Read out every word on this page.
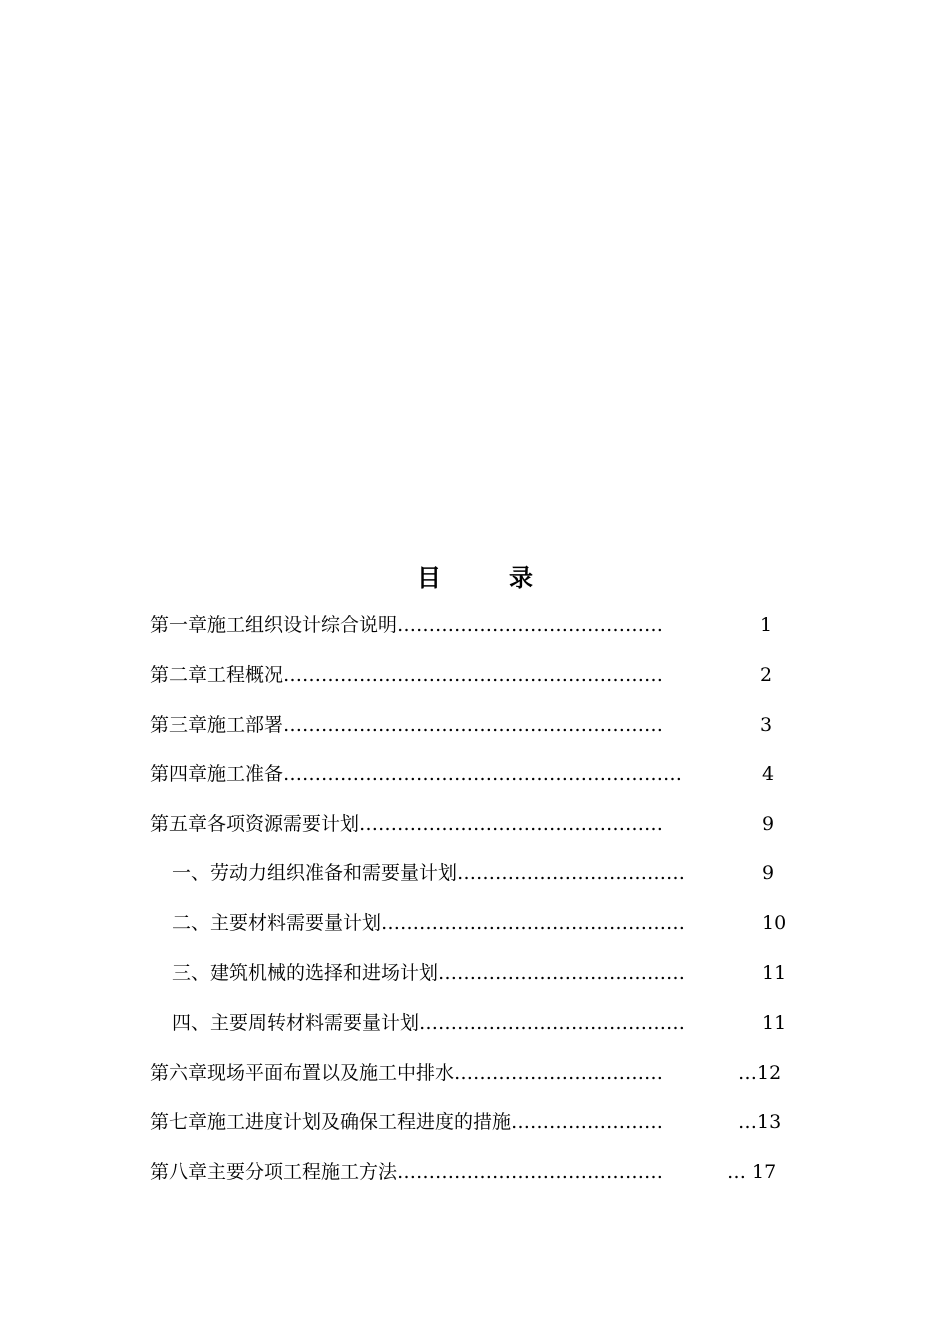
目录
第一章施工组织设计综合说明……………………………………	1
第二章工程概况……………………………………………………	2
第三章施工部署……………………………………………………	3
第四章施工准备………………………………………………………	4
第五章各项资源需要计划…………………………………………	9
一、劳动力组织准备和需要量计划………………………………	9
二、主要材料需要量计划…………………………………………	10
三、建筑机械的选择和进场计划…………………………………	11
四、主要周转材料需要量计划……………………………………	11
第六章现场平面布置以及施工中排水……………………………	…12
第七章施工进度计划及确保工程进度的措施……………………	…13
第八章主要分项工程施工方法……………………………………	… 17
